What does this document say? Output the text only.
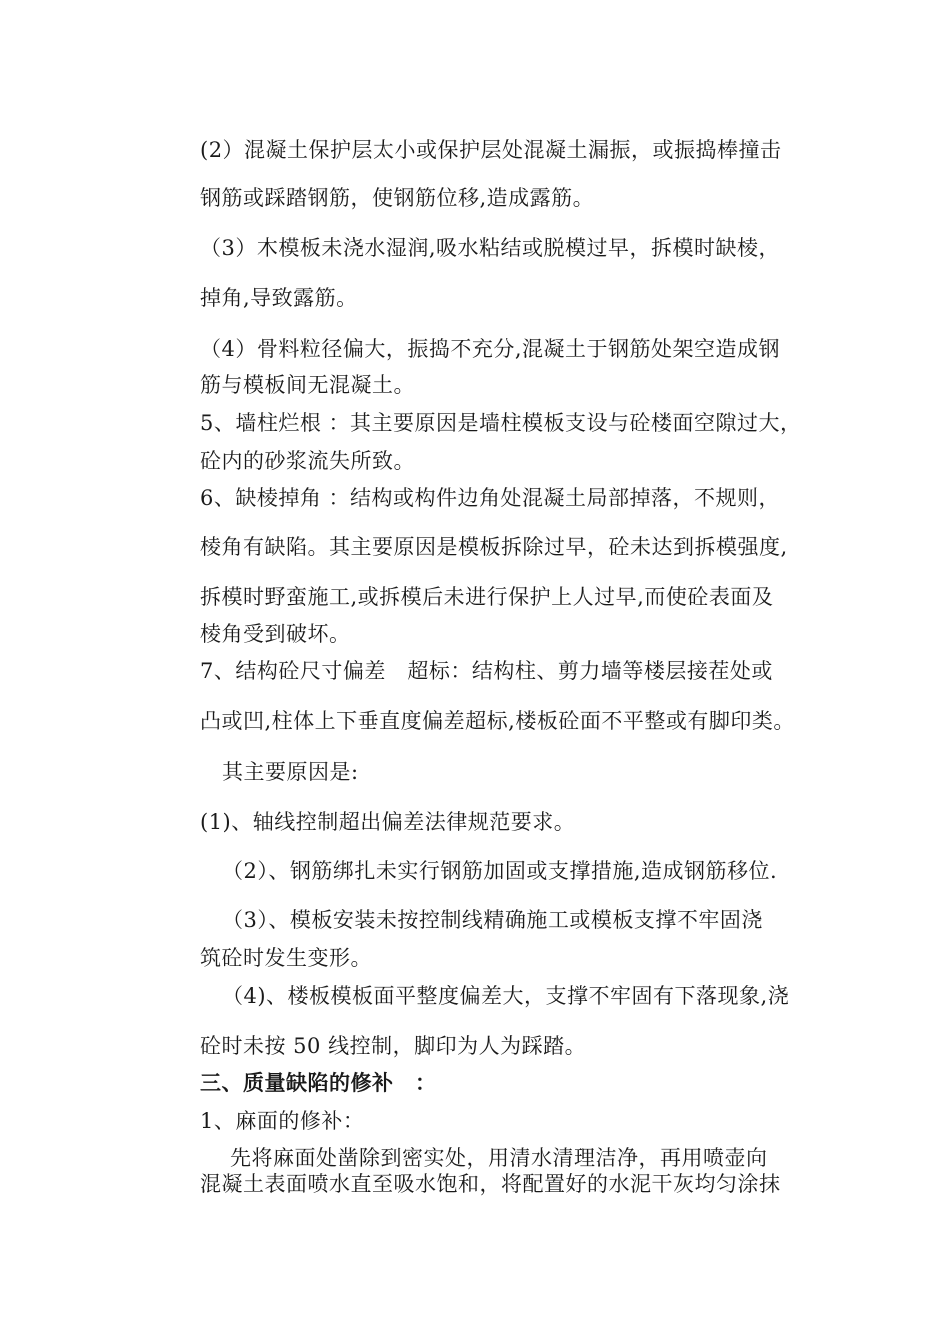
(2）混凝土保护层太小或保护层处混凝土漏振，或振捣棒撞击
钢筋或踩踏钢筋，使钢筋位移,造成露筋。
（3）木模板未浇水湿润,吸水粘结或脱模过早，拆模时缺棱，
掉角,导致露筋。
（4）骨料粒径偏大，振捣不充分,混凝土于钢筋处架空造成钢
筋与模板间无混凝土。
5、墙柱烂根 ：其主要原因是墙柱模板支设与砼楼面空隙过大，
砼内的砂浆流失所致。
6、缺棱掉角 ：结构或构件边角处混凝土局部掉落，不规则，
棱角有缺陷。其主要原因是模板拆除过早，砼未达到拆模强度,
拆模时野蛮施工,或拆模后未进行保护上人过早,而使砼表面及
棱角受到破坏。
7、结构砼尺寸偏差　超标：结构柱、剪力墙等楼层接茬处或
凸或凹,柱体上下垂直度偏差超标,楼板砼面不平整或有脚印类。
其主要原因是:
(1)、轴线控制超出偏差法律规范要求。
（2）、钢筋绑扎未实行钢筋加固或支撑措施,造成钢筋移位.
（3）、模板安装未按控制线精确施工或模板支撑不牢固浇
筑砼时发生变形。
（4)、楼板模板面平整度偏差大，支撑不牢固有下落现象,浇
砼时未按 50 线控制，脚印为人为踩踏。
三、质量缺陷的修补　：
1、麻面的修补：
先将麻面处凿除到密实处，用清水清理洁净，再用喷壶向
混凝土表面喷水直至吸水饱和，将配置好的水泥干灰均匀涂抹
